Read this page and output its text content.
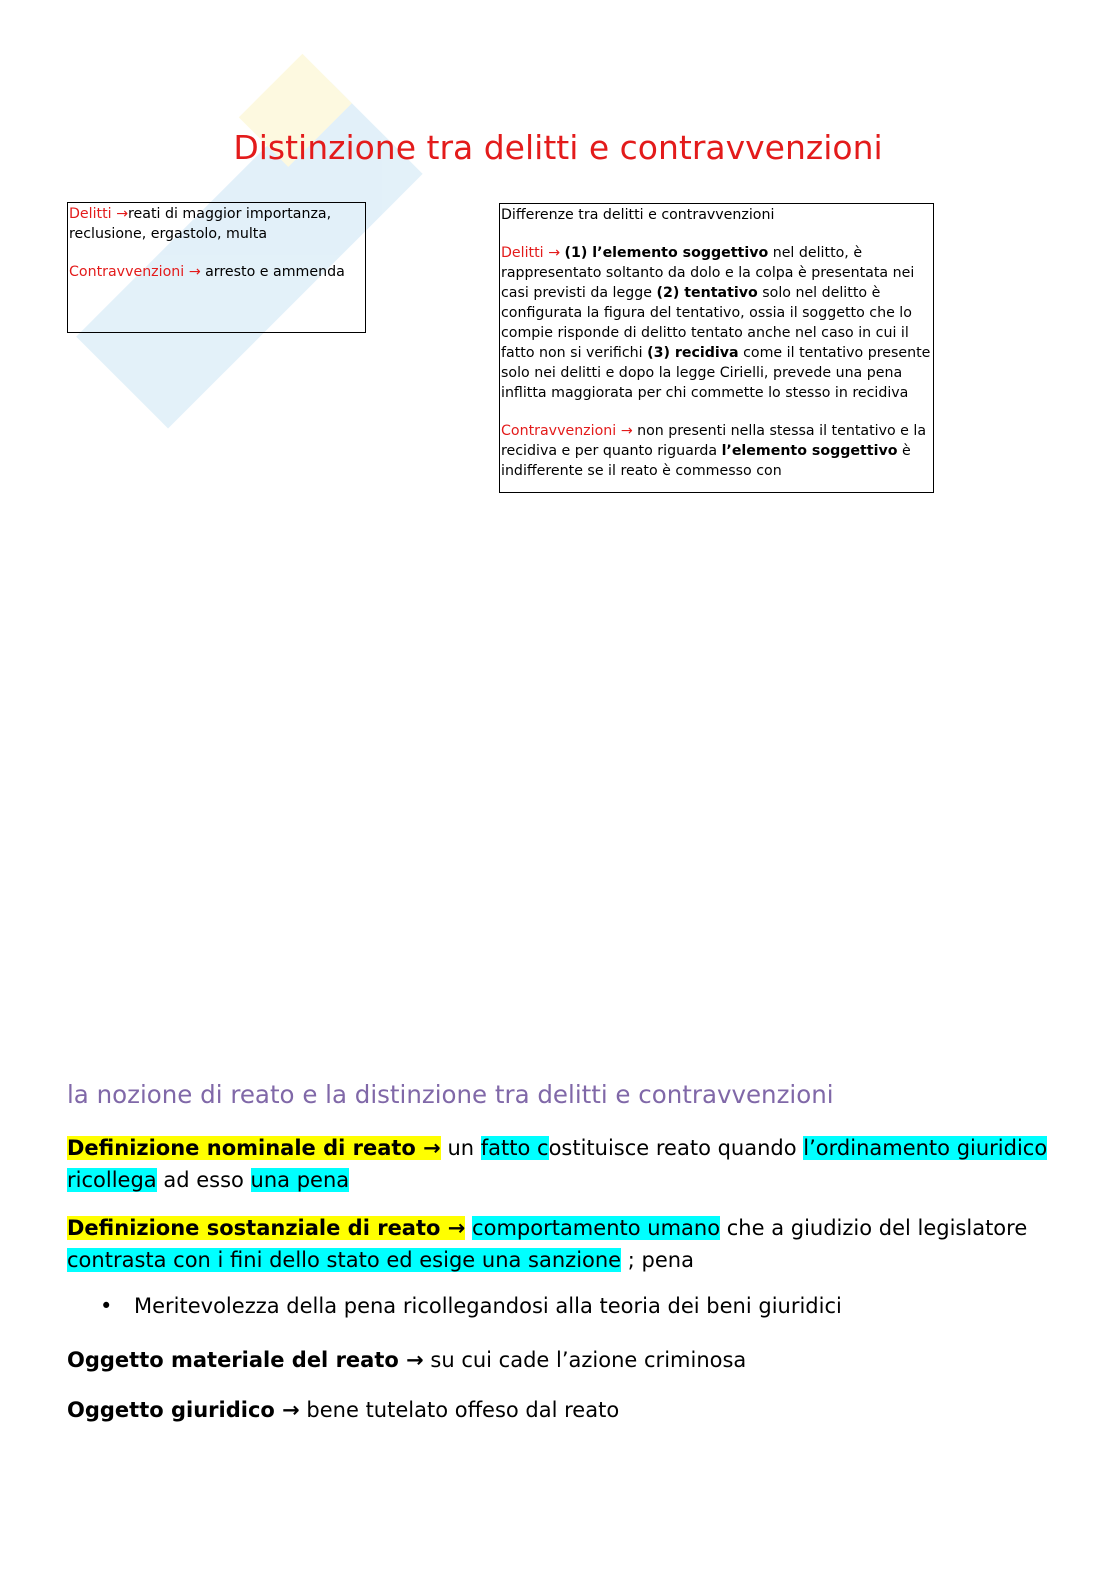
Distinzione tra delitti e contravvenzioni

Delitti →reati di maggior importanza, reclusione, ergastolo, multa

Contravvenzioni → arresto e ammenda

Differenze tra delitti e contravvenzioni

Delitti → (1) l’elemento soggettivo nel delitto, è rappresentato soltanto da dolo e la colpa è presentata nei casi previsti da legge (2) tentativo solo nel delitto è configurata la figura del tentativo, ossia il soggetto che lo compie risponde di delitto tentato anche nel caso in cui il fatto non si verifichi (3) recidiva come il tentativo presente solo nei delitti e dopo la legge Cirielli, prevede una pena inflitta maggiorata per chi commette lo stesso in recidiva

Contravvenzioni → non presenti nella stessa il tentativo e la recidiva e per quanto riguarda l’elemento soggettivo è indifferente se il reato è commesso con

la nozione di reato e la distinzione tra delitti e contravvenzioni
Definizione nominale di reato → un fatto costituisce reato quando l’ordinamento giuridico ricollega ad esso una pena
Definizione sostanziale di reato → comportamento umano che a giudizio del legislatore contrasta con i fini dello stato ed esige una sanzione ; pena
• Meritevolezza della pena ricollegandosi alla teoria dei beni giuridici
Oggetto materiale del reato → su cui cade l’azione criminosa
Oggetto giuridico → bene tutelato offeso dal reato
